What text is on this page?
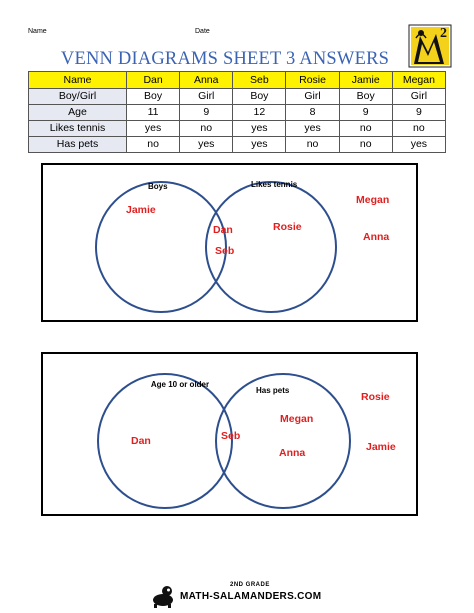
Name	Date
VENN DIAGRAMS SHEET 3 ANSWERS
2
Name	Dan	Anna	Seb	Rosie	Jamie	Megan
Boy/Girl	Boy	Girl	Boy	Girl	Boy	Girl
Age	11	9	12	8	9	9
Likes tennis	yes	no	yes	yes	no	no
Has pets	no	yes	yes	no	no	yes
Boys	Likes tennis
Jamie
Dan
Seb
Rosie
Megan
Anna
Age 10 or older
Has pets
Dan	Seb
Megan
Anna
Rosie
Jamie
2ND GRADE
MATH-SALAMANDERS.COM
